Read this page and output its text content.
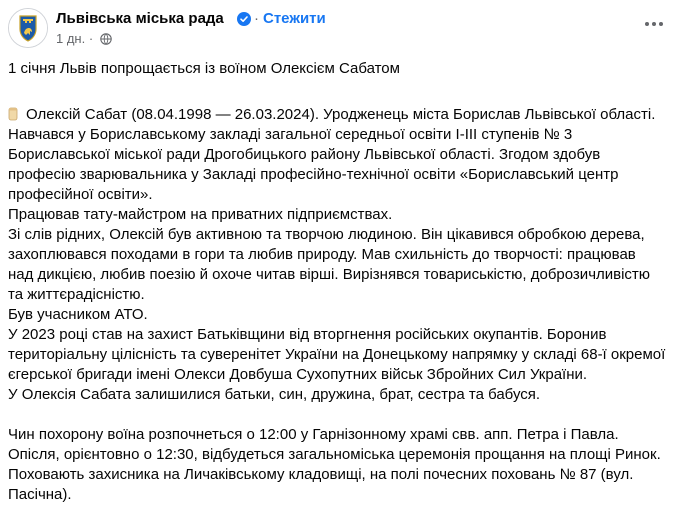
Львівська міська рада · Стежити
1 дн. ·

1 січня Львів попрощається із воїном Олексієм Сабатом

Олексій Сабат (08.04.1998 — 26.03.2024). Уродженець міста Борислав Львівської області.

Навчався у Бориславському закладі загальної середньої освіти І-ІІІ ступенів № 3

Бориславської міської ради Дрогобицького району Львівської області. Згодом здобув

професію зварювальника у Закладі професійно-технічної освіти «Бориславський центр

професійної освіти».

Працював тату-майстром на приватних підприємствах.

Зі слів рідних, Олексій був активною та творчою людиною. Він цікавився обробкою дерева,

захоплювався походами в гори та любив природу. Мав схильність до творчості: працював

над дикцією, любив поезію й охоче читав вірші. Вирізнявся товариськістю, доброзичливістю

та життєрадісністю.

Був учасником АТО.

У 2023 році став на захист Батьківщини від вторгнення російських окупантів. Боронив

територіальну цілісність та суверенітет України на Донецькому напрямку у складі 68-ї окремої

єгерської бригади імені Олекси Довбуша Сухопутних військ Збройних Сил України.

У Олексія Сабата залишилися батьки, син, дружина, брат, сестра та бабуся.

Чин похорону воїна розпочнеться о 12:00 у Гарнізонному храмі свв. апп. Петра і Павла.

Опісля, орієнтовно о 12:30, відбудеться загальноміська церемонія прощання на площі Ринок.

Поховають захисника на Личаківському кладовищі, на полі почесних поховань № 87 (вул.

Пасічна).
